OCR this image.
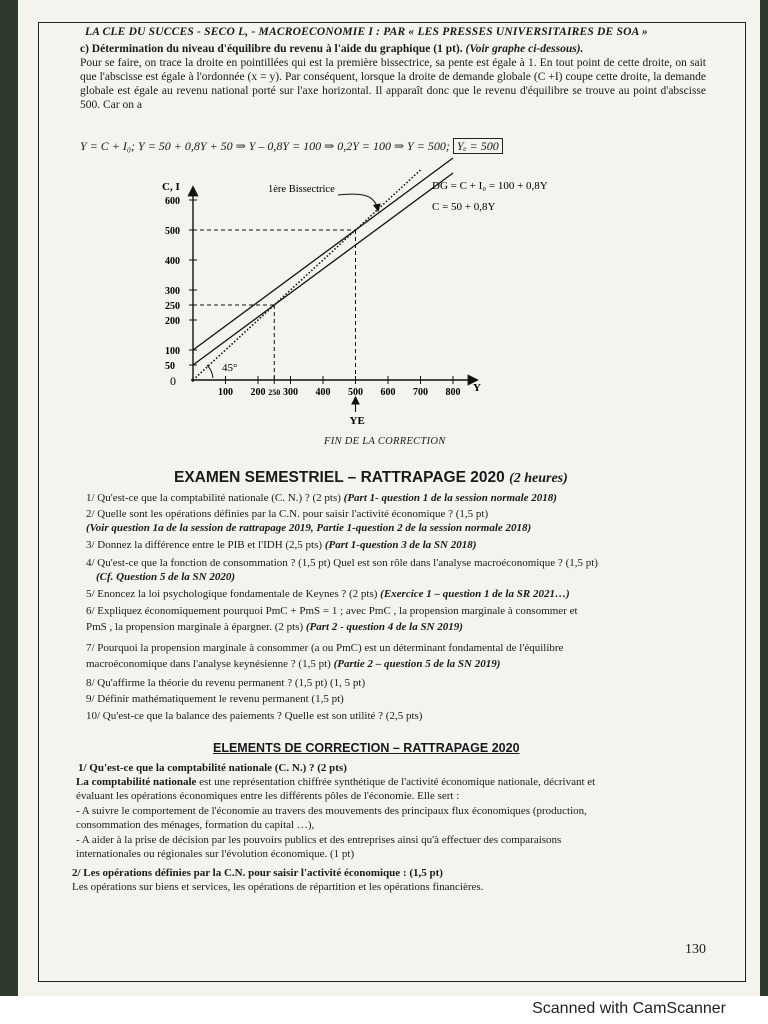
LA CLE DU SUCCES - SECO L, - MACROECONOMIE I : PAR « LES PRESSES UNIVERSITAIRES DE SOA »
c) Détermination du niveau d'équilibre du revenu à l'aide du graphique (1 pt). (Voir graphe ci-dessous).
Pour se faire, on trace la droite en pointillées qui est la première bissectrice, sa pente est égale à 1. En tout point de cette droite, on sait que l'abscisse est égale à l'ordonnée (x = y). Par conséquent, lorsque la droite de demande globale (C +I) coupe cette droite, la demande globale est égale au revenu national porté sur l'axe horizontal. Il apparaît donc que le revenu d'équilibre se trouve au point d'abscisse 500. Car on a
Y = C + I₀; Y = 50 + 0,8Y + 50 ⇒ Y – 0,8Y = 100 ⇒ 0,2Y = 100 ⇒ Y = 500; Yₑ = 500
C, I
Y
0
50
100
200
250
300
400
500
600
100 200 250 300 400 500 600 700 800
DG = C + I₀ = 100 + 0,8Y
C = 50 + 0,8Y
1ère Bissectrice
45°
YE
FIN DE LA CORRECTION
EXAMEN SEMESTRIEL – RATTRAPAGE 2020 (2 heures)
1/ Qu'est-ce que la comptabilité nationale (C. N.) ? (2 pts) (Part 1- question 1 de la session normale 2018)
2/ Quelle sont les opérations définies par la C.N. pour saisir l'activité économique ? (1,5 pt)
(Voir question 1a de la session de rattrapage 2019, Partie 1-question 2 de la session normale 2018)
3/ Donnez la différence entre le PIB et l'IDH (2,5 pts) (Part 1-question 3 de la SN 2018)
4/ Qu'est-ce que la fonction de consommation ? (1,5 pt) Quel est son rôle dans l'analyse macroéconomique ? (1,5 pt)
(Cf. Question 5 de la SN 2020)
5/ Enoncez la loi psychologique fondamentale de Keynes ? (2 pts) (Exercice 1 – question 1 de la SR 2021…)
6/ Expliquez économiquement pourquoi PmC + PmS = 1 ; avec PmC , la propension marginale à consommer et
PmS , la propension marginale à épargner. (2 pts) (Part 2 - question 4 de la SN 2019)
7/ Pourquoi la propension marginale à consommer (a ou PmC) est un déterminant fondamental de l'équilibre
macroéconomique dans l'analyse keynésienne ? (1,5 pt) (Partie 2 – question 5 de la SN 2019)
8/ Qu'affirme la théorie du revenu permanent ? (1,5 pt) (1, 5 pt)
9/ Définir mathématiquement le revenu permanent (1,5 pt)
10/ Qu'est-ce que la balance des paiements ? Quelle est son utilité ? (2,5 pts)
ELEMENTS DE CORRECTION – RATTRAPAGE 2020
1/ Qu'est-ce que la comptabilité nationale (C. N.) ? (2 pts)
La comptabilité nationale est une représentation chiffrée synthétique de l'activité économique nationale, décrivant et
évaluant les opérations économiques entre les différents pôles de l'économie. Elle sert :
- A suivre le comportement de l'économie au travers des mouvements des principaux flux économiques (production,
consommation des ménages, formation du capital …),
- A aider à la prise de décision par les pouvoirs publics et des entreprises ainsi qu'à effectuer des comparaisons
internationales ou régionales sur l'évolution économique. (1 pt)
2/ Les opérations définies par la C.N. pour saisir l'activité économique : (1,5 pt)
Les opérations sur biens et services, les opérations de répartition et les opérations financières.
130
Scanned with CamScanner
